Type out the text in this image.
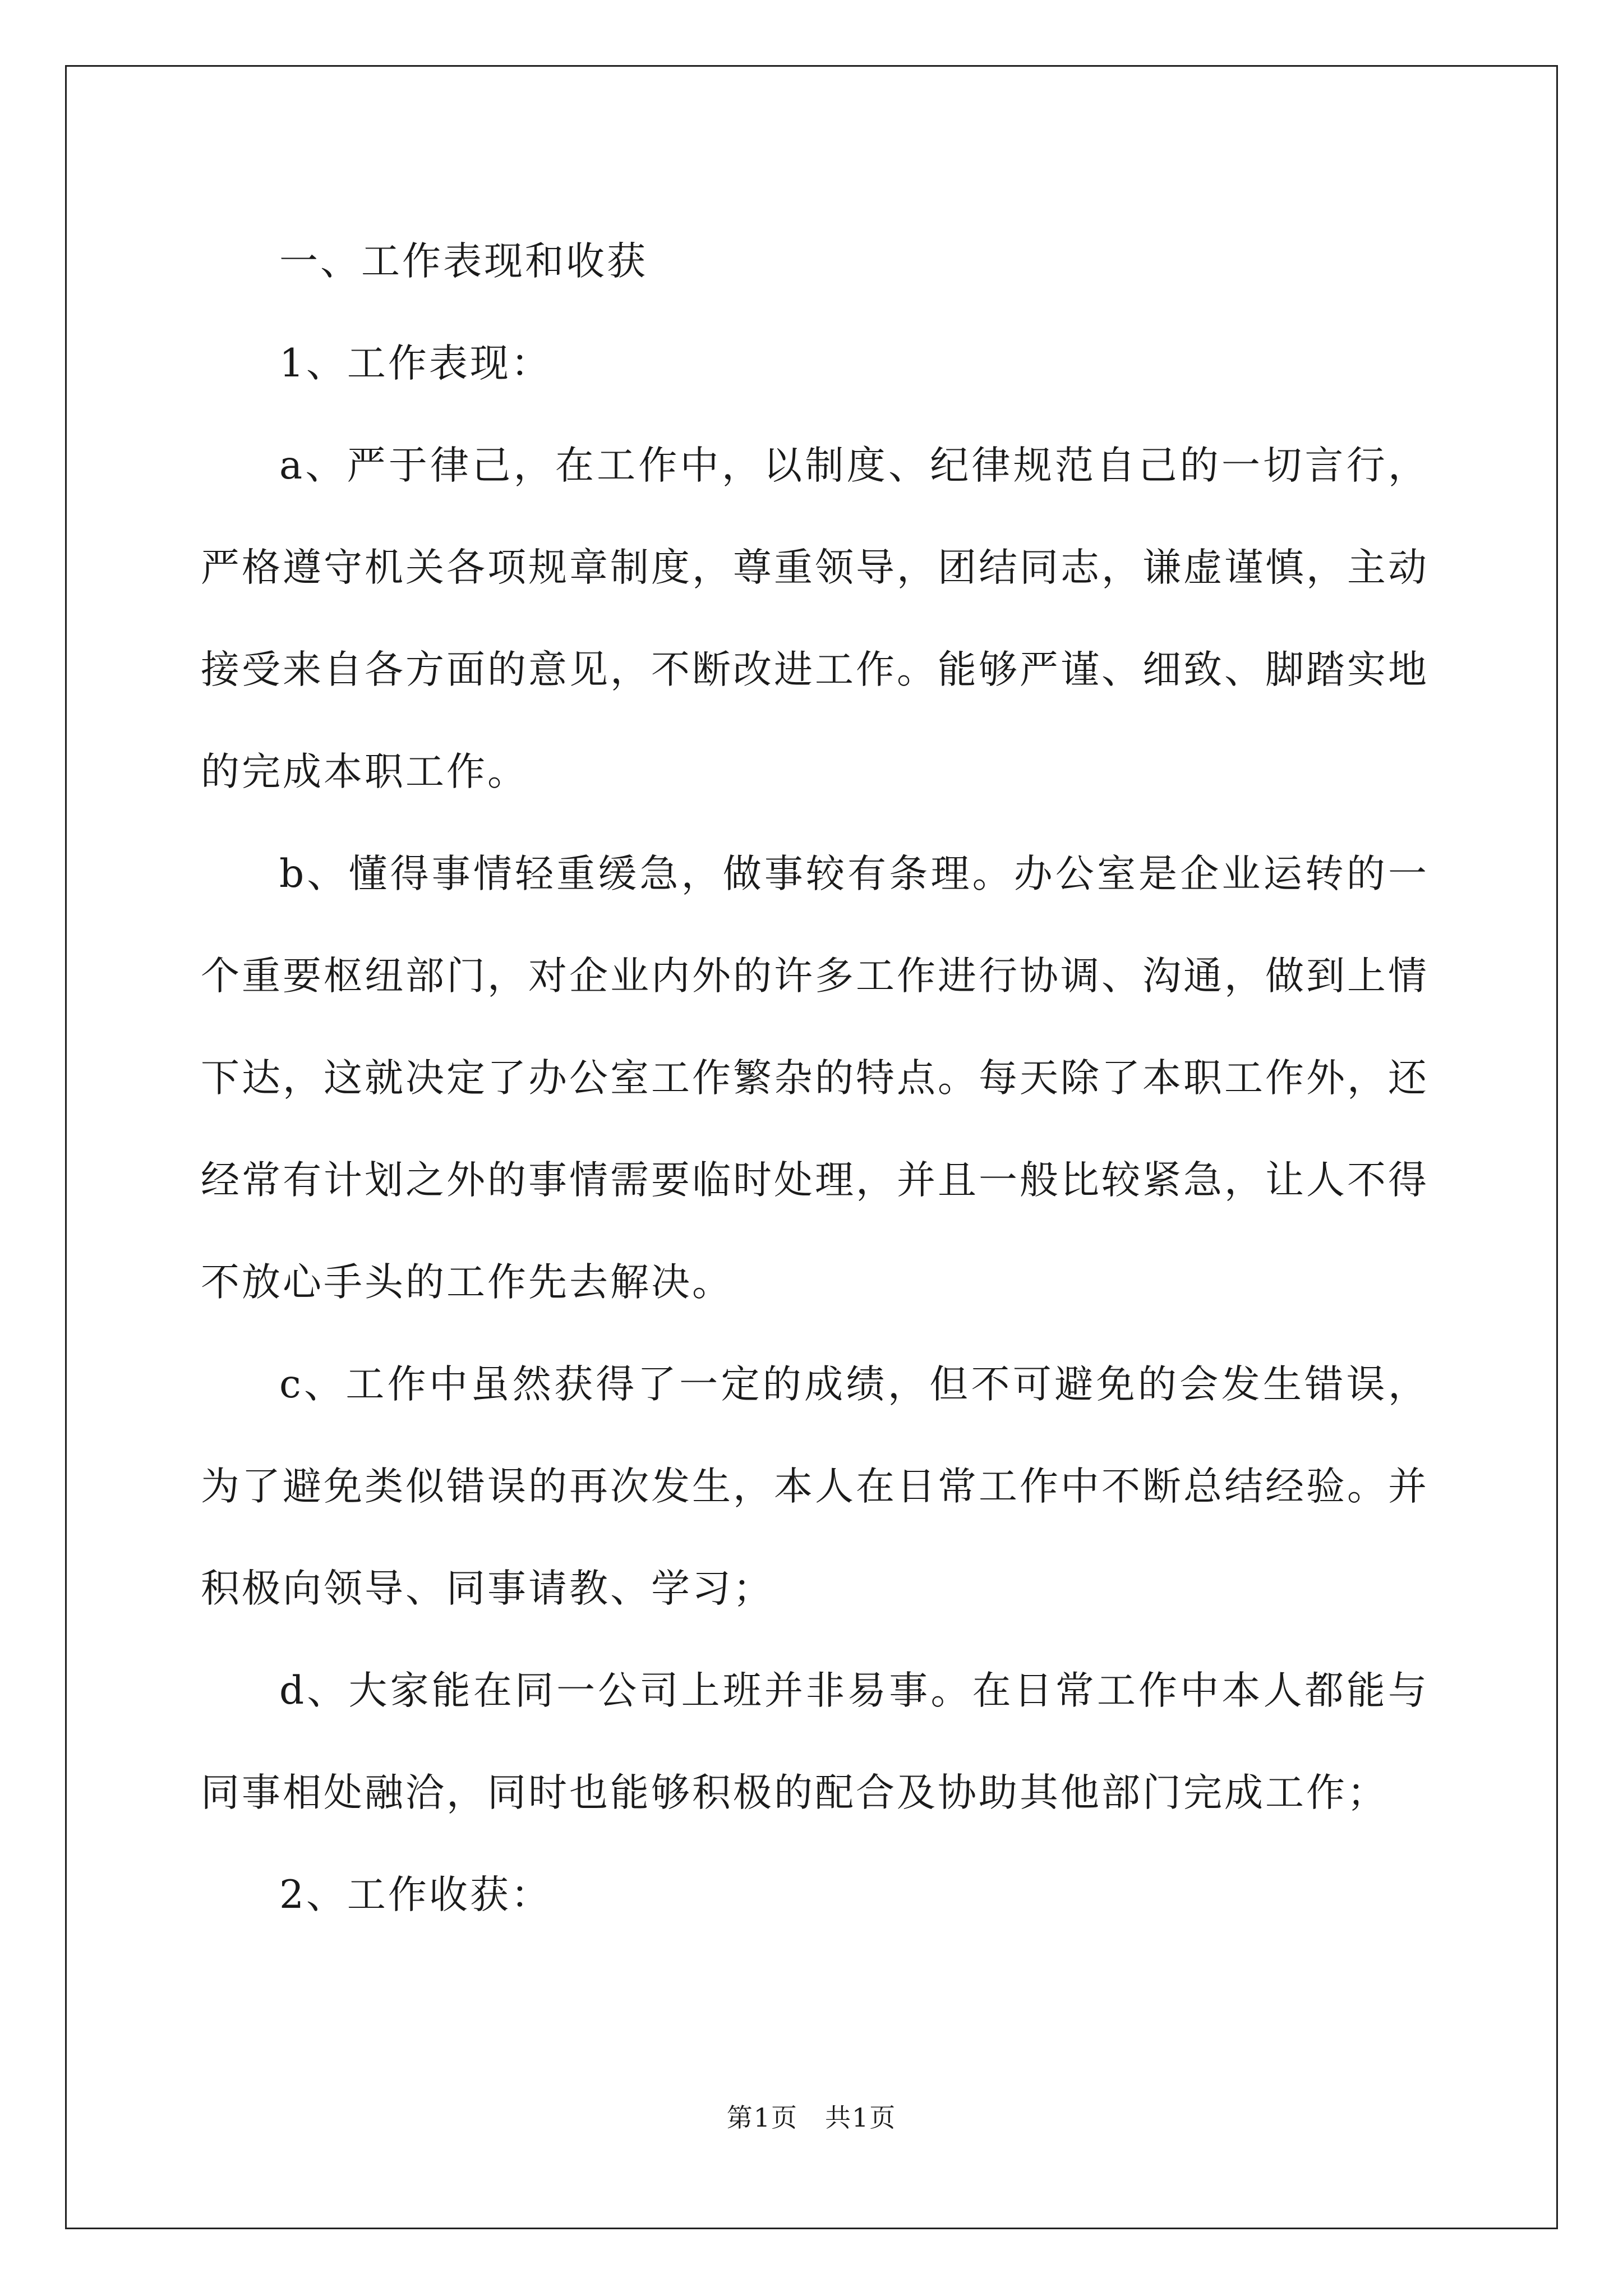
一、工作表现和收获

1、工作表现：

a、严于律己，在工作中，以制度、纪律规范自己的一切言行，严格遵守机关各项规章制度，尊重领导，团结同志，谦虚谨慎，主动接受来自各方面的意见，不断改进工作。能够严谨、细致、脚踏实地的完成本职工作。

b、懂得事情轻重缓急，做事较有条理。办公室是企业运转的一个重要枢纽部门，对企业内外的许多工作进行协调、沟通，做到上情下达，这就决定了办公室工作繁杂的特点。每天除了本职工作外，还经常有计划之外的事情需要临时处理，并且一般比较紧急，让人不得不放心手头的工作先去解决。

c、工作中虽然获得了一定的成绩，但不可避免的会发生错误，为了避免类似错误的再次发生，本人在日常工作中不断总结经验。并积极向领导、同事请教、学习；

d、大家能在同一公司上班并非易事。在日常工作中本人都能与同事相处融洽，同时也能够积极的配合及协助其他部门完成工作；

2、工作收获：

第1页 共1页
